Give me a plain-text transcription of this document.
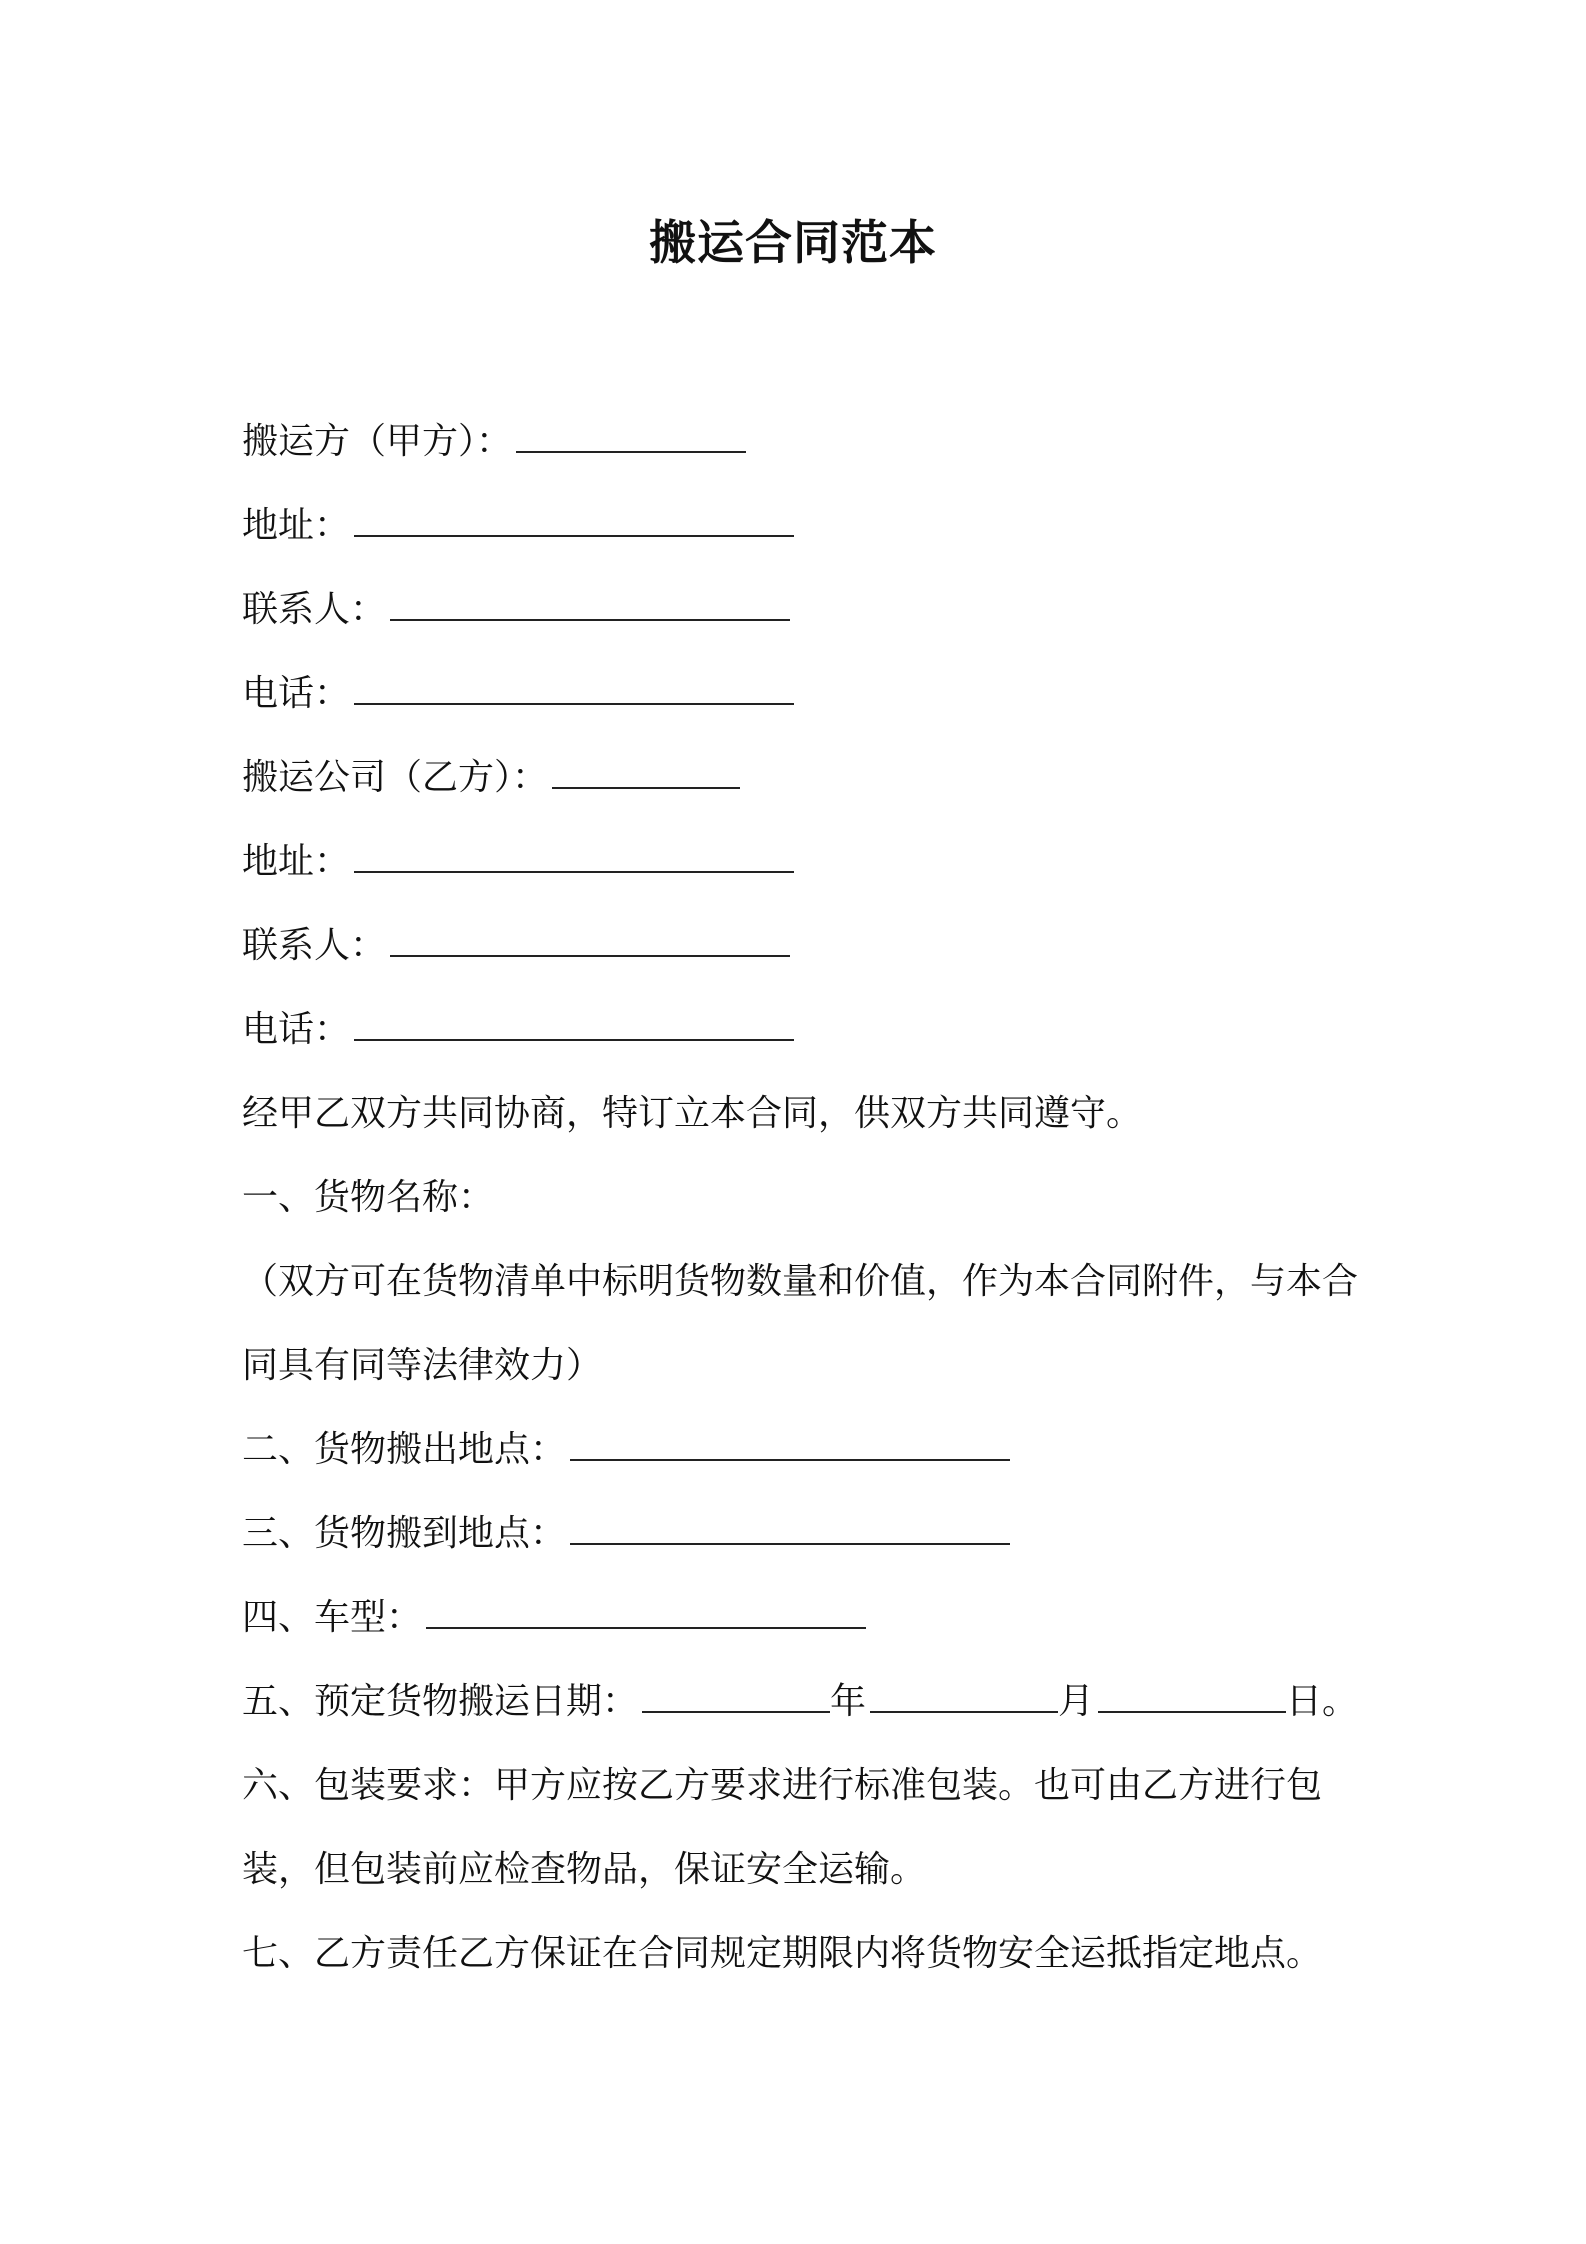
搬运合同范本
搬运方（甲方）：
地址：
联系人：
电话：
搬运公司（乙方）：
地址：
联系人：
电话：
经甲乙双方共同协商，特订立本合同，供双方共同遵守。
一、货物名称：
（双方可在货物清单中标明货物数量和价值，作为本合同附件，与本合同具有同等法律效力）
二、货物搬出地点：
三、货物搬到地点：
四、车型：
五、预定货物搬运日期：	年	月	日。
六、包装要求：甲方应按乙方要求进行标准包装。也可由乙方进行包装，但包装前应检查物品，保证安全运输。
七、乙方责任乙方保证在合同规定期限内将货物安全运抵指定地点。
